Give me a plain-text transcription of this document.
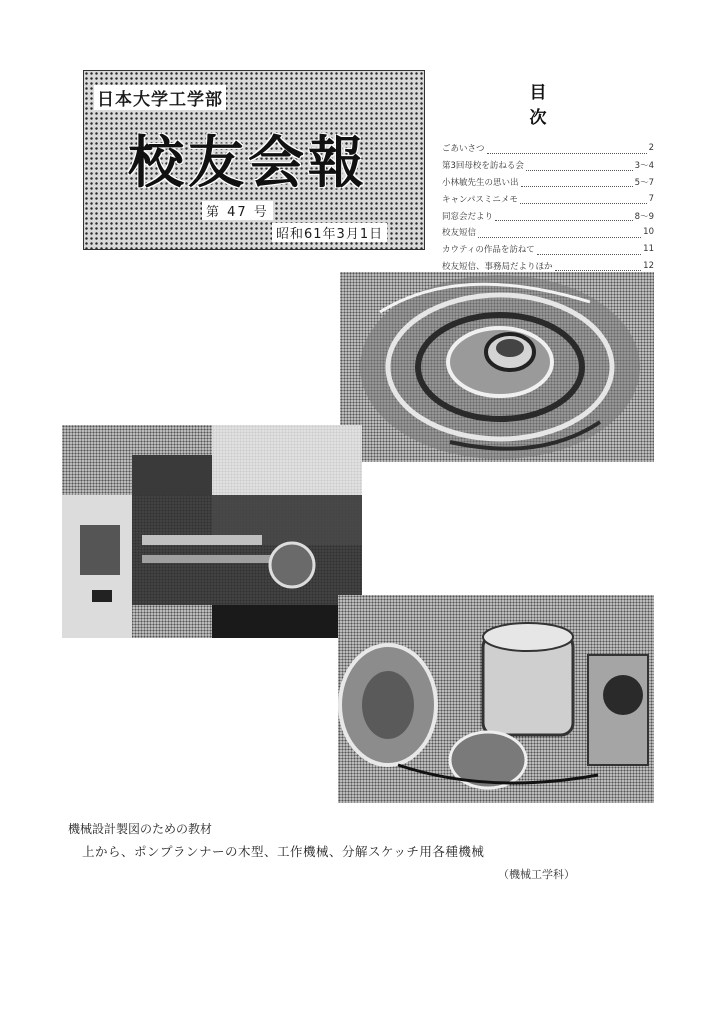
日本大学工学部
校友会報
第 47 号
昭和61年3月1日
目　次
ごあいさつ	2
第3回母校を訪ねる会	3～4
小林敏先生の思い出	5～7
キャンパスミニメモ	7
同窓会だより	8～9
校友短信	10
カウティの作品を訪ねて	11
校友短信、事務局だよりほか	12
機械設計製図のための教材
上から、ポンプランナーの木型、工作機械、分解スケッチ用各種機械
（機械工学科）
